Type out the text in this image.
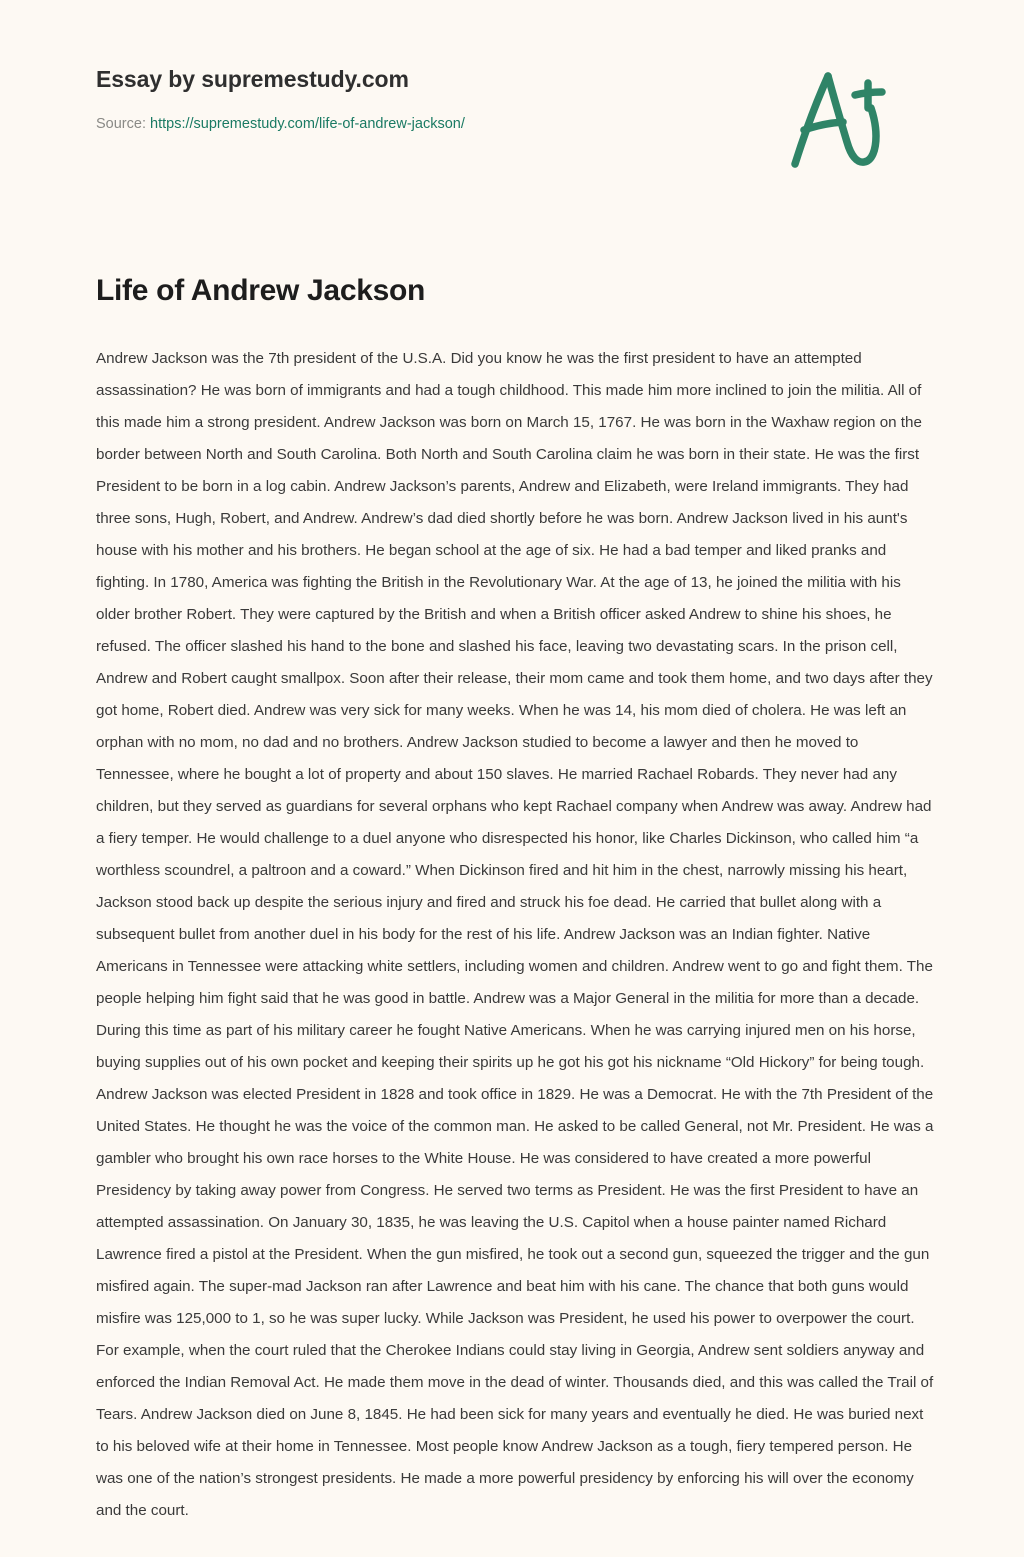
Essay by supremestudy.com
Source: https://supremestudy.com/life-of-andrew-jackson/
Life of Andrew Jackson

Andrew Jackson was the 7th president of the U.S.A. Did you know he was the first president to have an attempted assassination? He was born of immigrants and had a tough childhood. This made him more inclined to join the militia. All of this made him a strong president. Andrew Jackson was born on March 15, 1767. He was born in the Waxhaw region on the border between North and South Carolina. Both North and South Carolina claim he was born in their state. He was the first President to be born in a log cabin. Andrew Jackson’s parents, Andrew and Elizabeth, were Ireland immigrants. They had three sons, Hugh, Robert, and Andrew. Andrew’s dad died shortly before he was born. Andrew Jackson lived in his aunt's house with his mother and his brothers. He began school at the age of six. He had a bad temper and liked pranks and fighting. In 1780, America was fighting the British in the Revolutionary War. At the age of 13, he joined the militia with his older brother Robert. They were captured by the British and when a British officer asked Andrew to shine his shoes, he refused. The officer slashed his hand to the bone and slashed his face, leaving two devastating scars. In the prison cell, Andrew and Robert caught smallpox. Soon after their release, their mom came and took them home, and two days after they got home, Robert died. Andrew was very sick for many weeks. When he was 14, his mom died of cholera. He was left an orphan with no mom, no dad and no brothers. Andrew Jackson studied to become a lawyer and then he moved to Tennessee, where he bought a lot of property and about 150 slaves. He married Rachael Robards. They never had any children, but they served as guardians for several orphans who kept Rachael company when Andrew was away. Andrew had a fiery temper. He would challenge to a duel anyone who disrespected his honor, like Charles Dickinson, who called him “a worthless scoundrel, a paltroon and a coward.” When Dickinson fired and hit him in the chest, narrowly missing his heart, Jackson stood back up despite the serious injury and fired and struck his foe dead. He carried that bullet along with a subsequent bullet from another duel in his body for the rest of his life. Andrew Jackson was an Indian fighter. Native Americans in Tennessee were attacking white settlers, including women and children. Andrew went to go and fight them. The people helping him fight said that he was good in battle. Andrew was a Major General in the militia for more than a decade. During this time as part of his military career he fought Native Americans. When he was carrying injured men on his horse, buying supplies out of his own pocket and keeping their spirits up he got his got his nickname “Old Hickory” for being tough. Andrew Jackson was elected President in 1828 and took office in 1829. He was a Democrat. He with the 7th President of the United States. He thought he was the voice of the common man. He asked to be called General, not Mr. President. He was a gambler who brought his own race horses to the White House. He was considered to have created a more powerful Presidency by taking away power from Congress. He served two terms as President. He was the first President to have an attempted assassination. On January 30, 1835, he was leaving the U.S. Capitol when a house painter named Richard Lawrence fired a pistol at the President. When the gun misfired, he took out a second gun, squeezed the trigger and the gun misfired again. The super-mad Jackson ran after Lawrence and beat him with his cane. The chance that both guns would misfire was 125,000 to 1, so he was super lucky. While Jackson was President, he used his power to overpower the court. For example, when the court ruled that the Cherokee Indians could stay living in Georgia, Andrew sent soldiers anyway and enforced the Indian Removal Act. He made them move in the dead of winter. Thousands died, and this was called the Trail of Tears. Andrew Jackson died on June 8, 1845. He had been sick for many years and eventually he died. He was buried next to his beloved wife at their home in Tennessee. Most people know Andrew Jackson as a tough, fiery tempered person. He was one of the nation’s strongest presidents. He made a more powerful presidency by enforcing his will over the economy and the court.
